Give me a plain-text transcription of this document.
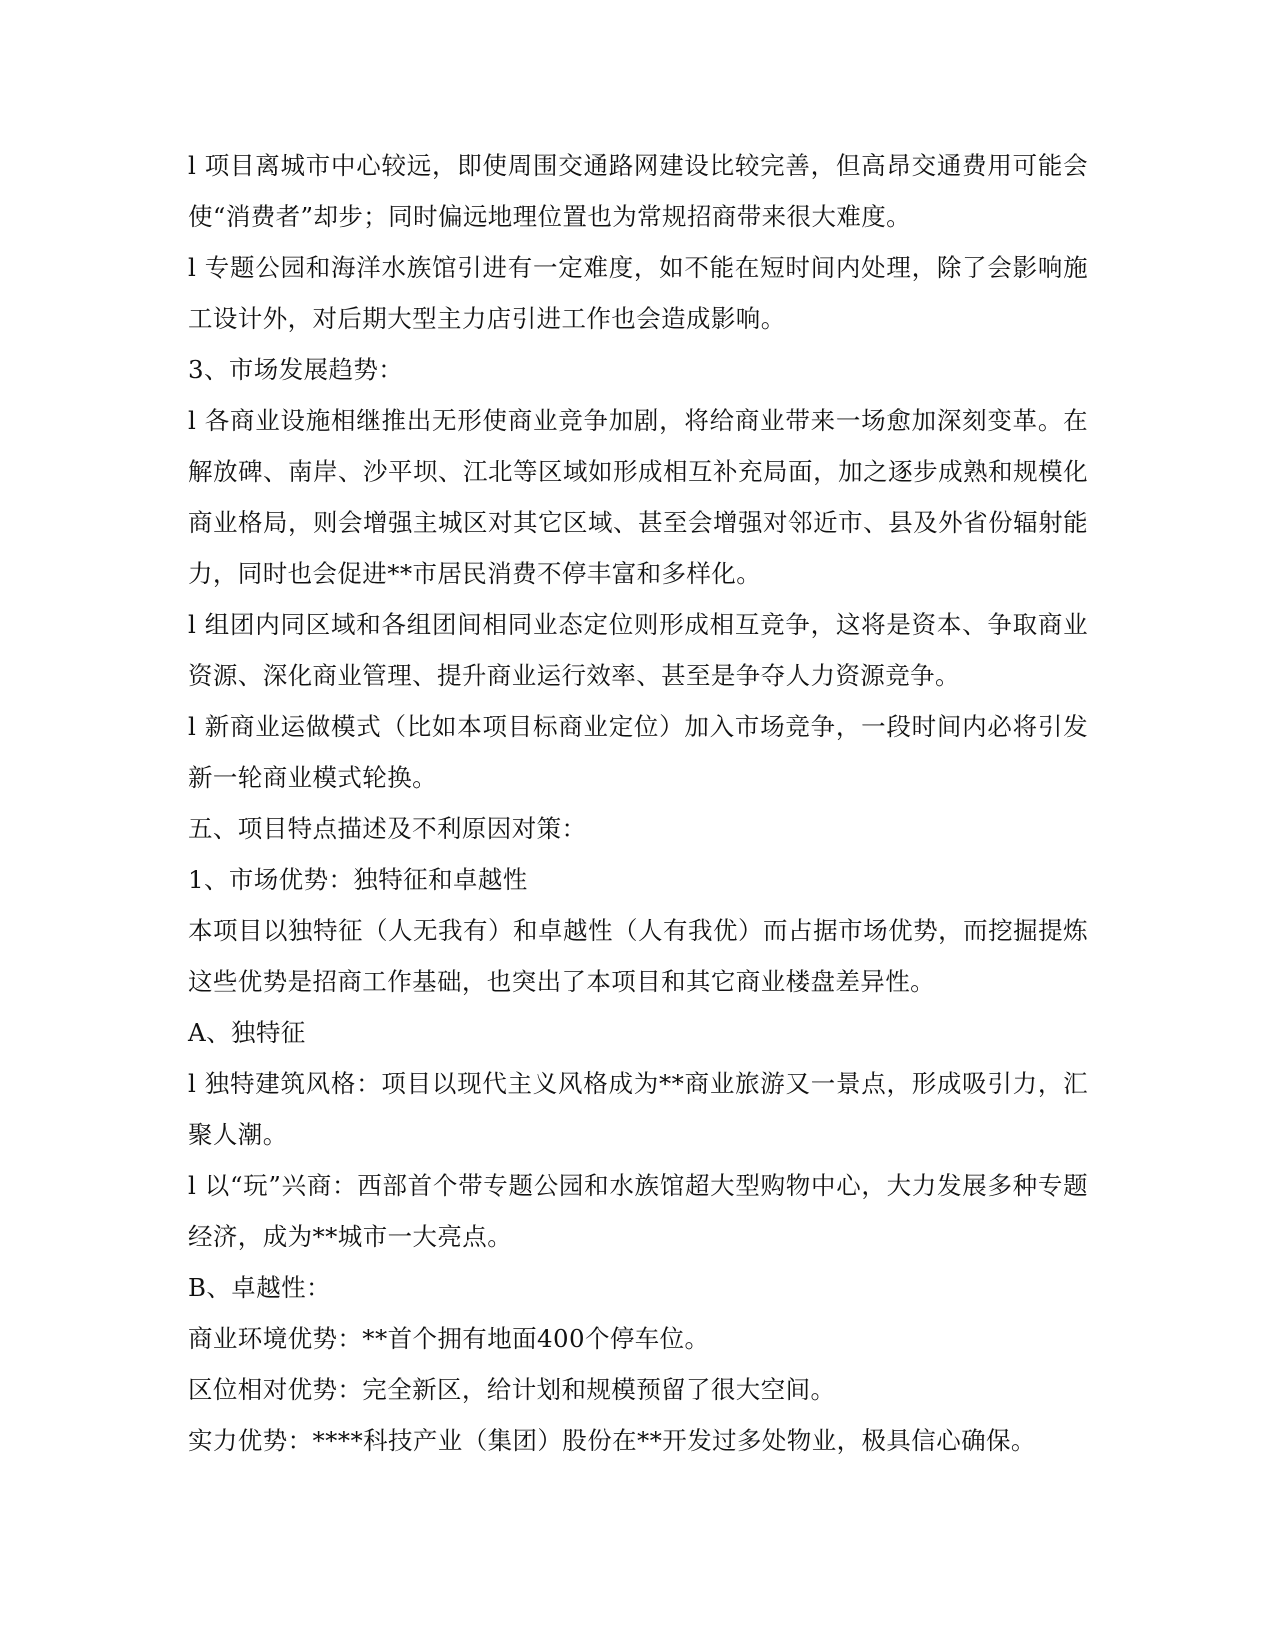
l 项目离城市中心较远，即使周围交通路网建设比较完善，但高昂交通费用可能会使“消费者”却步；同时偏远地理位置也为常规招商带来很大难度。

l 专题公园和海洋水族馆引进有一定难度，如不能在短时间内处理，除了会影响施工设计外，对后期大型主力店引进工作也会造成影响。

3、市场发展趋势：

l 各商业设施相继推出无形使商业竞争加剧，将给商业带来一场愈加深刻变革。在解放碑、南岸、沙平坝、江北等区域如形成相互补充局面，加之逐步成熟和规模化商业格局，则会增强主城区对其它区域、甚至会增强对邻近市、县及外省份辐射能力，同时也会促进**市居民消费不停丰富和多样化。

l 组团内同区域和各组团间相同业态定位则形成相互竞争，这将是资本、争取商业资源、深化商业管理、提升商业运行效率、甚至是争夺人力资源竞争。

l 新商业运做模式（比如本项目标商业定位）加入市场竞争，一段时间内必将引发新一轮商业模式轮换。

五、项目特点描述及不利原因对策：

1、市场优势：独特征和卓越性

本项目以独特征（人无我有）和卓越性（人有我优）而占据市场优势，而挖掘提炼这些优势是招商工作基础，也突出了本项目和其它商业楼盘差异性。

A、独特征

l 独特建筑风格：项目以现代主义风格成为**商业旅游又一景点，形成吸引力，汇聚人潮。

l 以“玩”兴商：西部首个带专题公园和水族馆超大型购物中心，大力发展多种专题经济，成为**城市一大亮点。

B、卓越性：

商业环境优势：**首个拥有地面400个停车位。

区位相对优势：完全新区，给计划和规模预留了很大空间。

实力优势：****科技产业（集团）股份在**开发过多处物业，极具信心确保。
